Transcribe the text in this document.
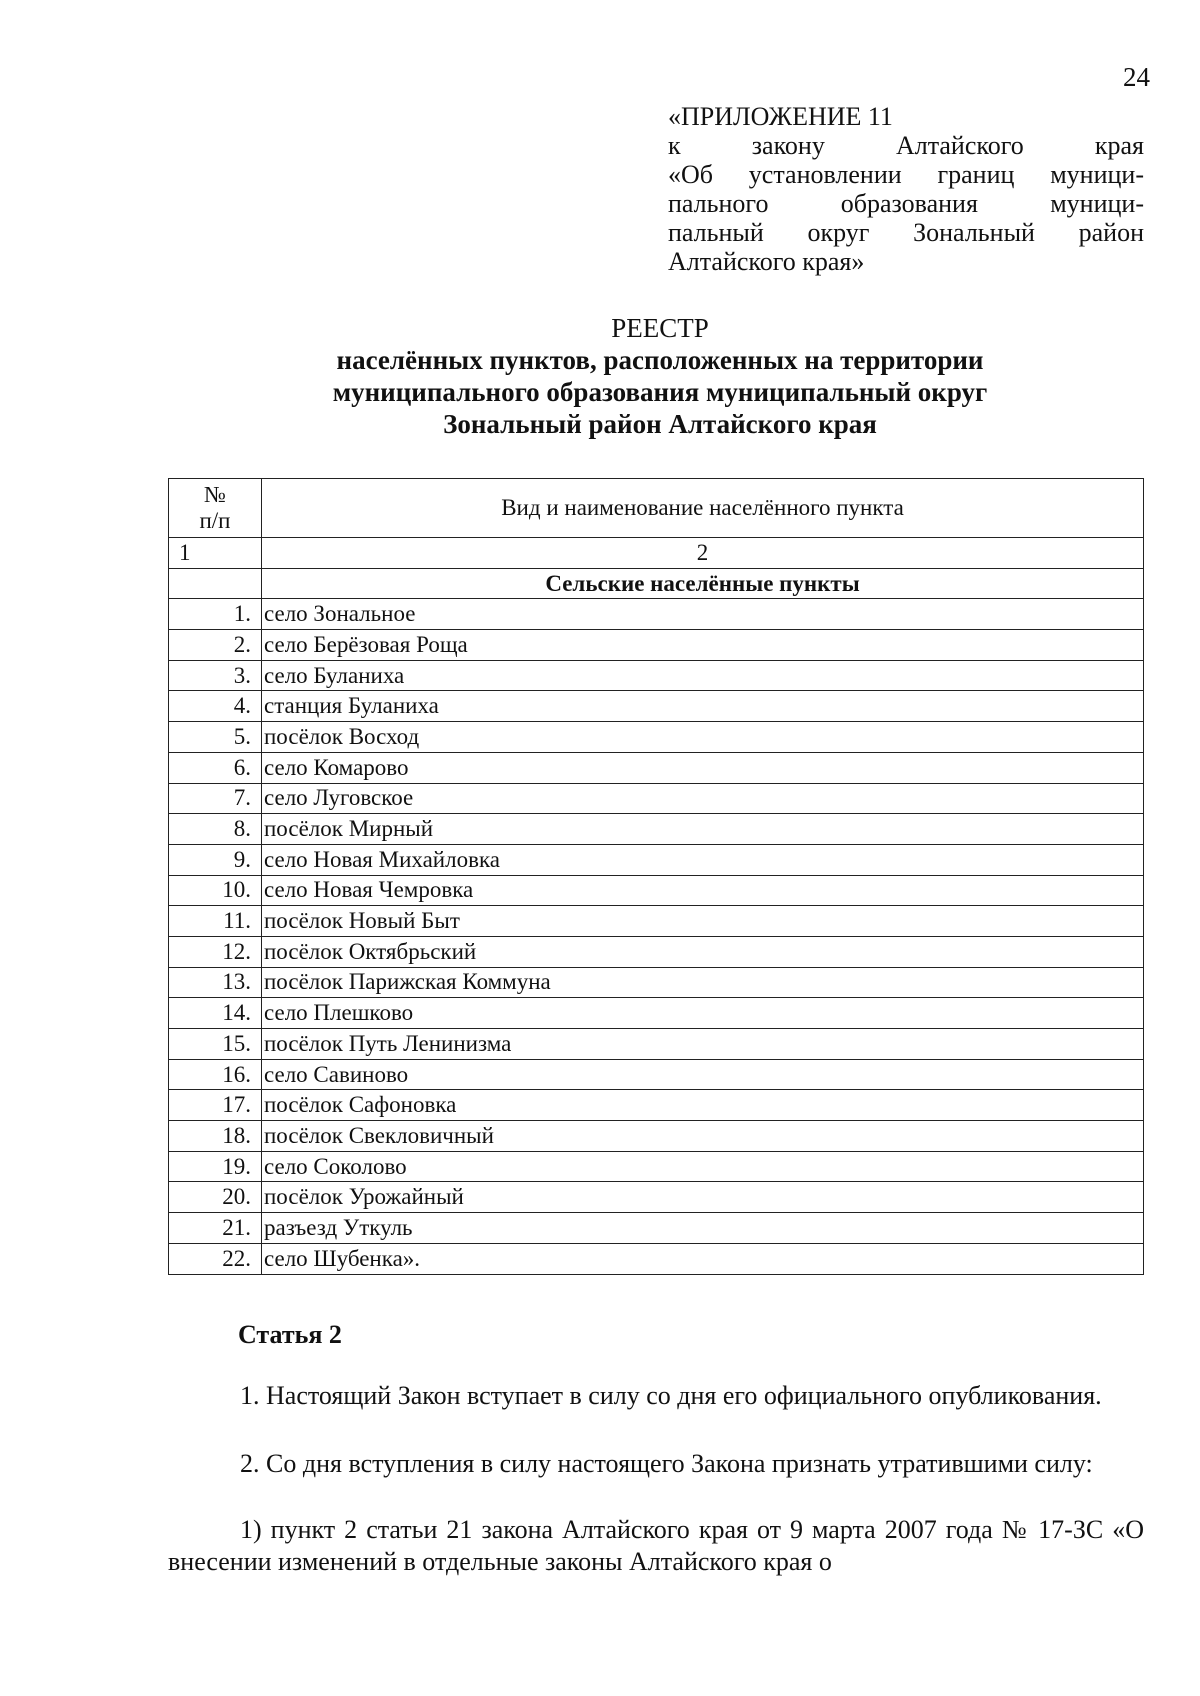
24
«ПРИЛОЖЕНИЕ 11
к закону Алтайского края
«Об установлении границ муници-
пального образования муници-
пальный округ Зональный район
Алтайского края»
РЕЕСТР
населённых пунктов, расположенных на территории
муниципального образования муниципальный округ
Зональный район Алтайского края
№
п/п	Вид и наименование населённого пункта
1	2
	Сельские населённые пункты
1.	село Зональное
2.	село Берёзовая Роща
3.	село Буланиха
4.	станция Буланиха
5.	посёлок Восход
6.	село Комарово
7.	село Луговское
8.	посёлок Мирный
9.	село Новая Михайловка
10.	село Новая Чемровка
11.	посёлок Новый Быт
12.	посёлок Октябрьский
13.	посёлок Парижская Коммуна
14.	село Плешково
15.	посёлок Путь Ленинизма
16.	село Савиново
17.	посёлок Сафоновка
18.	посёлок Свекловичный
19.	село Соколово
20.	посёлок Урожайный
21.	разъезд Уткуль
22.	село Шубенка».
Статья 2
1. Настоящий Закон вступает в силу со дня его официального опубликования.
2. Со дня вступления в силу настоящего Закона признать утратившими силу:
1) пункт 2 статьи 21 закона Алтайского края от 9 марта 2007 года № 17-ЗС «О внесении изменений в отдельные законы Алтайского края о
